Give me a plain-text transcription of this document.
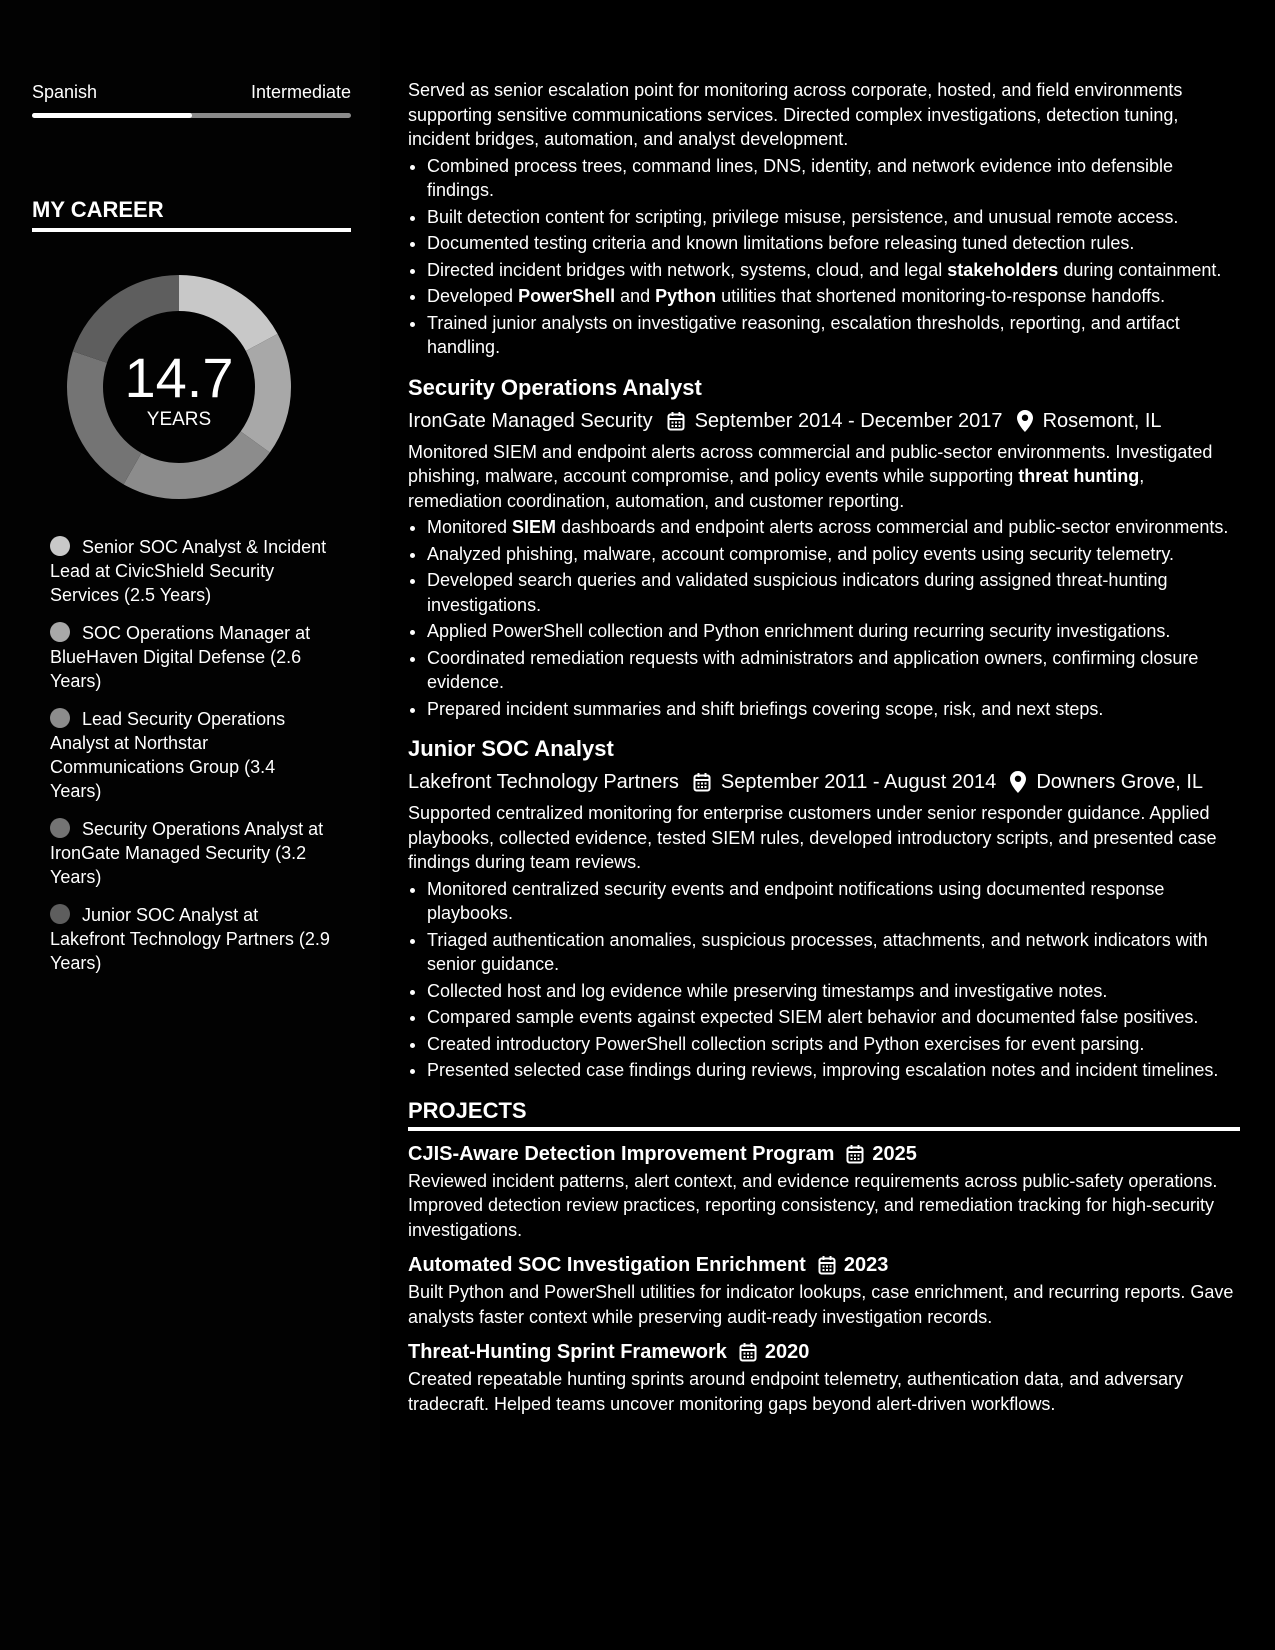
Spanish	Intermediate
MY CAREER
14.7
YEARS
Senior SOC Analyst & Incident Lead at CivicShield Security Services (2.5 Years)
SOC Operations Manager at BlueHaven Digital Defense (2.6 Years)
Lead Security Operations Analyst at Northstar Communications Group (3.4 Years)
Security Operations Analyst at IronGate Managed Security (3.2 Years)
Junior SOC Analyst at Lakefront Technology Partners (2.9 Years)

Served as senior escalation point for monitoring across corporate, hosted, and field environments supporting sensitive communications services. Directed complex investigations, detection tuning, incident bridges, automation, and analyst development.

• Combined process trees, command lines, DNS, identity, and network evidence into defensible findings.
• Built detection content for scripting, privilege misuse, persistence, and unusual remote access.
• Documented testing criteria and known limitations before releasing tuned detection rules.
• Directed incident bridges with network, systems, cloud, and legal stakeholders during containment.
• Developed PowerShell and Python utilities that shortened monitoring-to-response handoffs.
• Trained junior analysts on investigative reasoning, escalation thresholds, reporting, and artifact handling.
Security Operations Analyst
IronGate Managed Security September 2014 - December 2017 Rosemont, IL

Monitored SIEM and endpoint alerts across commercial and public-sector environments. Investigated phishing, malware, account compromise, and policy events while supporting threat hunting, remediation coordination, automation, and customer reporting.

• Monitored SIEM dashboards and endpoint alerts across commercial and public-sector environments.
• Analyzed phishing, malware, account compromise, and policy events using security telemetry.
• Developed search queries and validated suspicious indicators during assigned threat-hunting investigations.
• Applied PowerShell collection and Python enrichment during recurring security investigations.
• Coordinated remediation requests with administrators and application owners, confirming closure evidence.
• Prepared incident summaries and shift briefings covering scope, risk, and next steps.
Junior SOC Analyst
Lakefront Technology Partners September 2011 - August 2014 Downers Grove, IL

Supported centralized monitoring for enterprise customers under senior responder guidance. Applied playbooks, collected evidence, tested SIEM rules, developed introductory scripts, and presented case findings during team reviews.

• Monitored centralized security events and endpoint notifications using documented response playbooks.
• Triaged authentication anomalies, suspicious processes, attachments, and network indicators with senior guidance.
• Collected host and log evidence while preserving timestamps and investigative notes.
• Compared sample events against expected SIEM alert behavior and documented false positives.
• Created introductory PowerShell collection scripts and Python exercises for event parsing.
• Presented selected case findings during reviews, improving escalation notes and incident timelines.
PROJECTS
CJIS-Aware Detection Improvement Program 2025

Reviewed incident patterns, alert context, and evidence requirements across public-safety operations. Improved detection review practices, reporting consistency, and remediation tracking for high-security investigations.

Automated SOC Investigation Enrichment 2023

Built Python and PowerShell utilities for indicator lookups, case enrichment, and recurring reports. Gave analysts faster context while preserving audit-ready investigation records.

Threat-Hunting Sprint Framework 2020

Created repeatable hunting sprints around endpoint telemetry, authentication data, and adversary tradecraft. Helped teams uncover monitoring gaps beyond alert-driven workflows.
